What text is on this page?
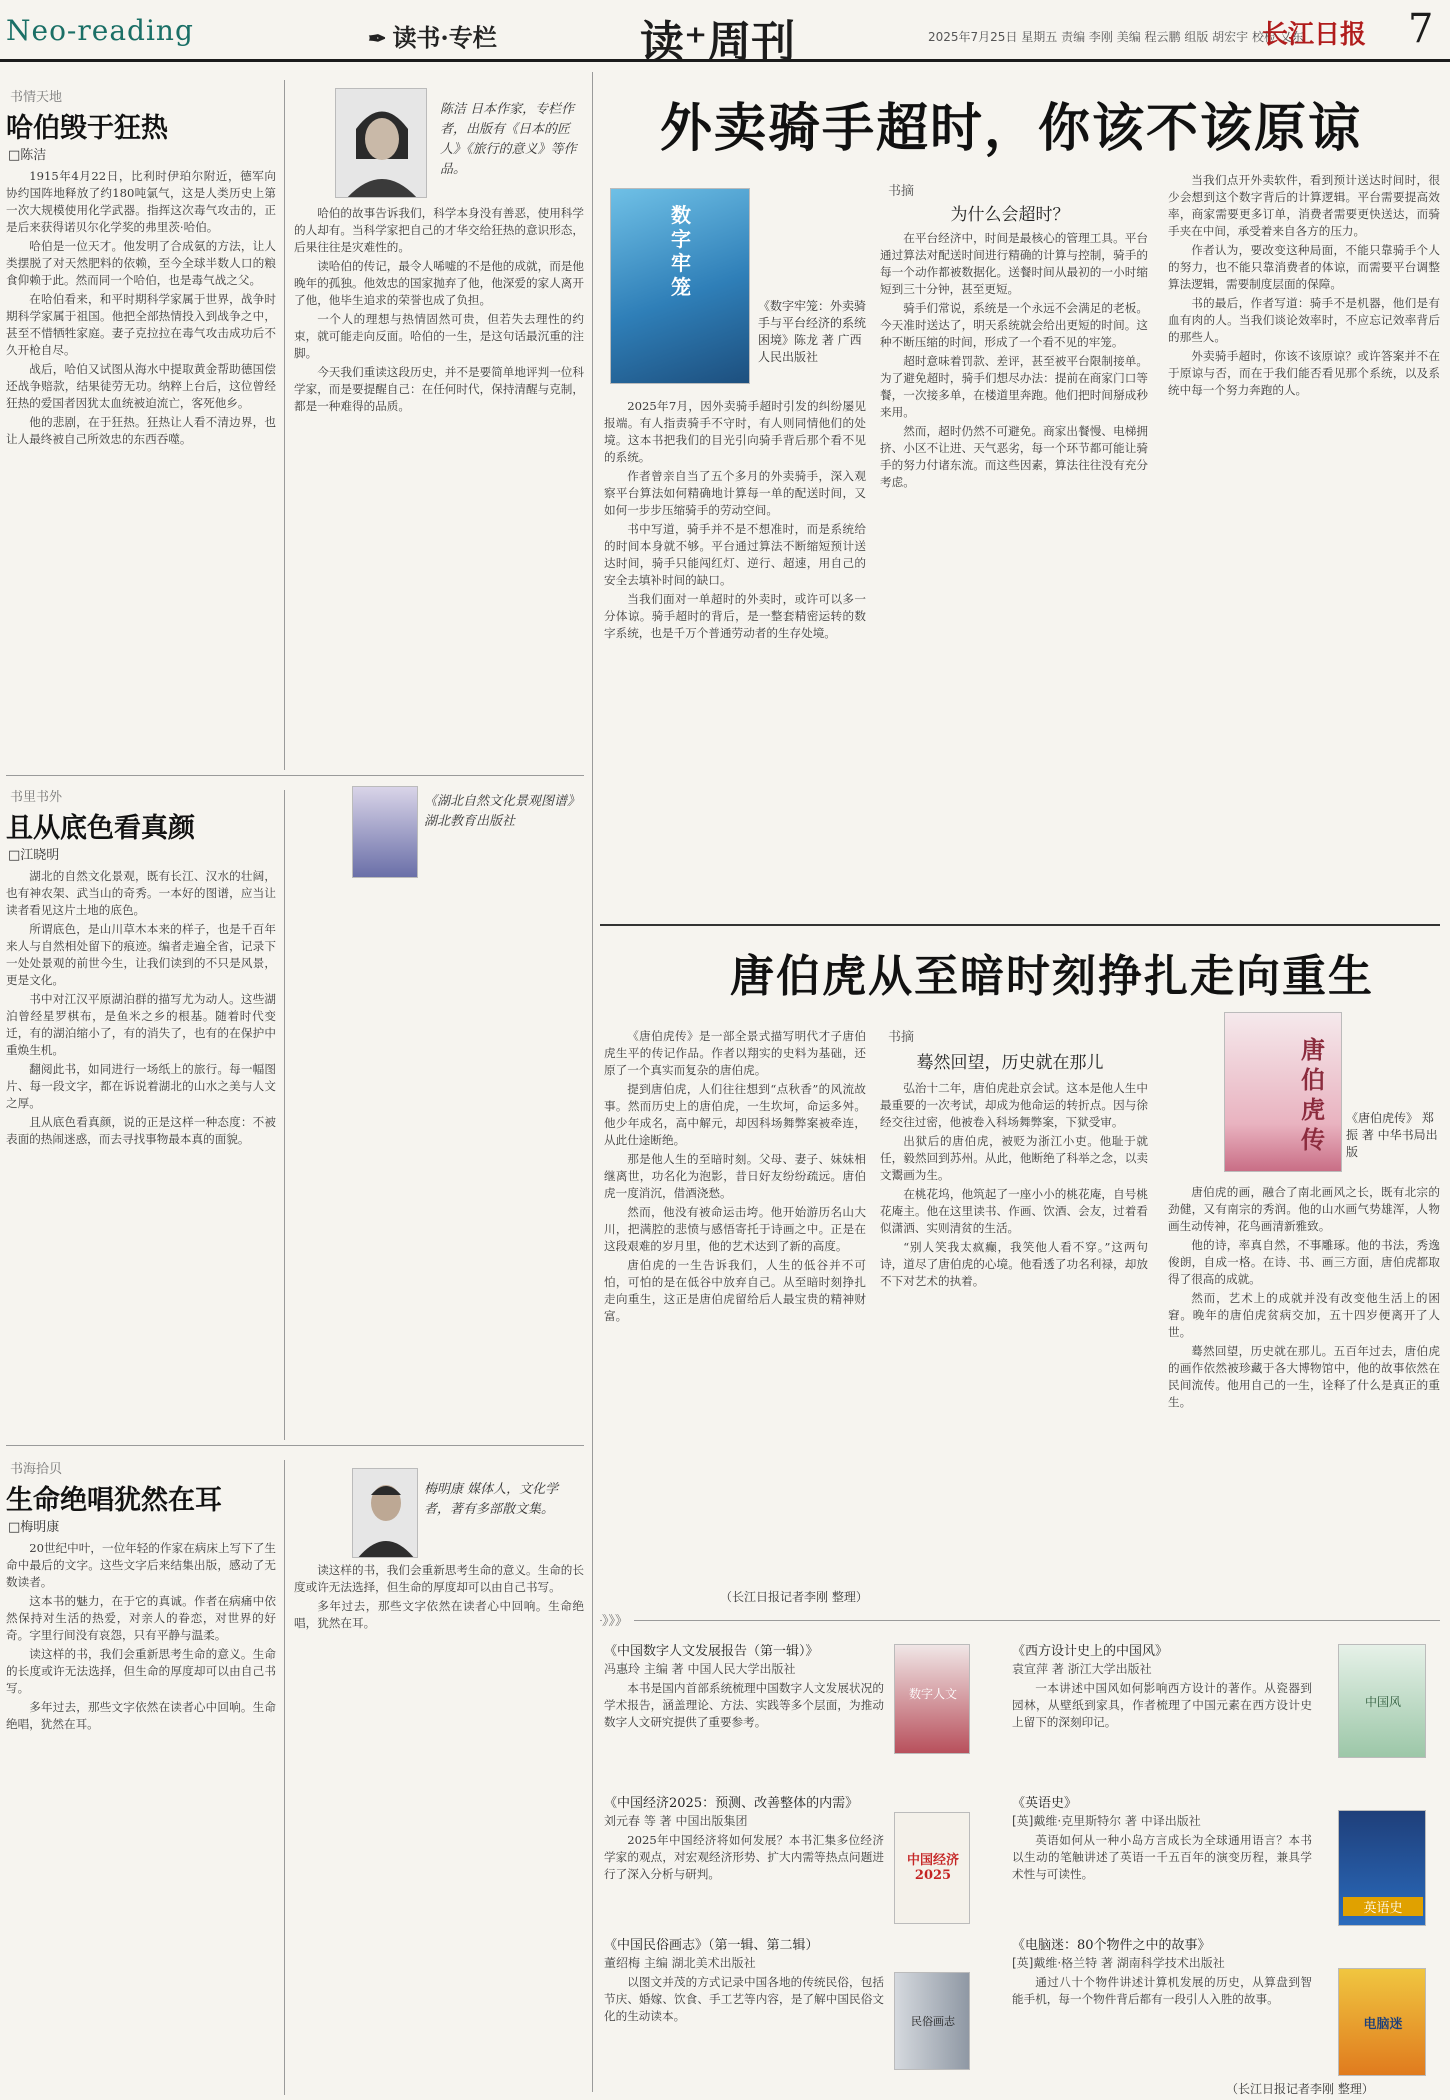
Neo-reading	✒ 读书·专栏	读⁺周刊	2025年7月25日 星期五 责编 李刚 美编 程云鹏 组版 胡宏宇 校检 义东
长江日报 7
书情天地
哈伯毁于狂热
□陈洁

1915年4月22日，比利时伊珀尔附近，德军向协约国阵地释放了约180吨氯气，这是人类历史上第一次大规模使用化学武器。指挥这次毒气攻击的，正是后来获得诺贝尔化学奖的弗里茨·哈伯。

哈伯是一位天才。他发明了合成氨的方法，让人类摆脱了对天然肥料的依赖，至今全球半数人口的粮食仰赖于此。然而同一个哈伯，也是毒气战之父。

在哈伯看来，和平时期科学家属于世界，战争时期科学家属于祖国。他把全部热情投入到战争之中，甚至不惜牺牲家庭。妻子克拉拉在毒气攻击成功后不久开枪自尽。

战后，哈伯又试图从海水中提取黄金帮助德国偿还战争赔款，结果徒劳无功。纳粹上台后，这位曾经狂热的爱国者因犹太血统被迫流亡，客死他乡。

他的悲剧，在于狂热。狂热让人看不清边界，也让人最终被自己所效忠的东西吞噬。

陈洁 日本作家，专栏作者，出版有《日本的匠人》《旅行的意义》等作品。

哈伯的故事告诉我们，科学本身没有善恶，使用科学的人却有。当科学家把自己的才华交给狂热的意识形态，后果往往是灾难性的。

读哈伯的传记，最令人唏嘘的不是他的成就，而是他晚年的孤独。他效忠的国家抛弃了他，他深爱的家人离开了他，他毕生追求的荣誉也成了负担。

一个人的理想与热情固然可贵，但若失去理性的约束，就可能走向反面。哈伯的一生，是这句话最沉重的注脚。

今天我们重读这段历史，并不是要简单地评判一位科学家，而是要提醒自己：在任何时代，保持清醒与克制，都是一种难得的品质。

书里书外
且从底色看真颜
□江晓明

湖北的自然文化景观，既有长江、汉水的壮阔，也有神农架、武当山的奇秀。一本好的图谱，应当让读者看见这片土地的底色。

所谓底色，是山川草木本来的样子，也是千百年来人与自然相处留下的痕迹。编者走遍全省，记录下一处处景观的前世今生，让我们读到的不只是风景，更是文化。

书中对江汉平原湖泊群的描写尤为动人。这些湖泊曾经星罗棋布，是鱼米之乡的根基。随着时代变迁，有的湖泊缩小了，有的消失了，也有的在保护中重焕生机。

翻阅此书，如同进行一场纸上的旅行。每一幅图片、每一段文字，都在诉说着湖北的山水之美与人文之厚。

且从底色看真颜，说的正是这样一种态度：不被表面的热闹迷惑，而去寻找事物最本真的面貌。

《湖北自然文化景观图谱》湖北教育出版社
书海拾贝
生命绝唱犹然在耳
□梅明康

20世纪中叶，一位年轻的作家在病床上写下了生命中最后的文字。这些文字后来结集出版，感动了无数读者。

这本书的魅力，在于它的真诚。作者在病痛中依然保持对生活的热爱，对亲人的眷恋，对世界的好奇。字里行间没有哀怨，只有平静与温柔。

读这样的书，我们会重新思考生命的意义。生命的长度或许无法选择，但生命的厚度却可以由自己书写。

多年过去，那些文字依然在读者心中回响。生命绝唱，犹然在耳。

梅明康 媒体人，文化学者，著有多部散文集。

读这样的书，我们会重新思考生命的意义。生命的长度或许无法选择，但生命的厚度却可以由自己书写。

多年过去，那些文字依然在读者心中回响。生命绝唱，犹然在耳。

外卖骑手超时，你该不该原谅
数字牢笼
《数字牢笼：外卖骑手与平台经济的系统困境》陈龙 著 广西人民出版社

2025年7月，因外卖骑手超时引发的纠纷屡见报端。有人指责骑手不守时，有人则同情他们的处境。这本书把我们的目光引向骑手背后那个看不见的系统。

作者曾亲自当了五个多月的外卖骑手，深入观察平台算法如何精确地计算每一单的配送时间，又如何一步步压缩骑手的劳动空间。

书中写道，骑手并不是不想准时，而是系统给的时间本身就不够。平台通过算法不断缩短预计送达时间，骑手只能闯红灯、逆行、超速，用自己的安全去填补时间的缺口。

当我们面对一单超时的外卖时，或许可以多一分体谅。骑手超时的背后，是一整套精密运转的数字系统，也是千万个普通劳动者的生存处境。

书摘
为什么会超时？

在平台经济中，时间是最核心的管理工具。平台通过算法对配送时间进行精确的计算与控制，骑手的每一个动作都被数据化。送餐时间从最初的一小时缩短到三十分钟，甚至更短。

骑手们常说，系统是一个永远不会满足的老板。今天准时送达了，明天系统就会给出更短的时间。这种不断压缩的时间，形成了一个看不见的牢笼。

超时意味着罚款、差评，甚至被平台限制接单。为了避免超时，骑手们想尽办法：提前在商家门口等餐，一次接多单，在楼道里奔跑。他们把时间掰成秒来用。

然而，超时仍然不可避免。商家出餐慢、电梯拥挤、小区不让进、天气恶劣，每一个环节都可能让骑手的努力付诸东流。而这些因素，算法往往没有充分考虑。

当我们点开外卖软件，看到预计送达时间时，很少会想到这个数字背后的计算逻辑。平台需要提高效率，商家需要更多订单，消费者需要更快送达，而骑手夹在中间，承受着来自各方的压力。

作者认为，要改变这种局面，不能只靠骑手个人的努力，也不能只靠消费者的体谅，而需要平台调整算法逻辑，需要制度层面的保障。

书的最后，作者写道：骑手不是机器，他们是有血有肉的人。当我们谈论效率时，不应忘记效率背后的那些人。

外卖骑手超时，你该不该原谅？或许答案并不在于原谅与否，而在于我们能否看见那个系统，以及系统中每一个努力奔跑的人。

唐伯虎从至暗时刻挣扎走向重生

《唐伯虎传》是一部全景式描写明代才子唐伯虎生平的传记作品。作者以翔实的史料为基础，还原了一个真实而复杂的唐伯虎。

提到唐伯虎，人们往往想到“点秋香”的风流故事。然而历史上的唐伯虎，一生坎坷，命运多舛。他少年成名，高中解元，却因科场舞弊案被牵连，从此仕途断绝。

那是他人生的至暗时刻。父母、妻子、妹妹相继离世，功名化为泡影，昔日好友纷纷疏远。唐伯虎一度消沉，借酒浇愁。

然而，他没有被命运击垮。他开始游历名山大川，把满腔的悲愤与感悟寄托于诗画之中。正是在这段艰难的岁月里，他的艺术达到了新的高度。

唐伯虎的一生告诉我们，人生的低谷并不可怕，可怕的是在低谷中放弃自己。从至暗时刻挣扎走向重生，这正是唐伯虎留给后人最宝贵的精神财富。

（长江日报记者李刚 整理）
书摘
蓦然回望，历史就在那儿

弘治十二年，唐伯虎赴京会试。这本是他人生中最重要的一次考试，却成为他命运的转折点。因与徐经交往过密，他被卷入科场舞弊案，下狱受审。

出狱后的唐伯虎，被贬为浙江小吏。他耻于就任，毅然回到苏州。从此，他断绝了科举之念，以卖文鬻画为生。

在桃花坞，他筑起了一座小小的桃花庵，自号桃花庵主。他在这里读书、作画、饮酒、会友，过着看似潇洒、实则清贫的生活。

“别人笑我太疯癫，我笑他人看不穿。”这两句诗，道尽了唐伯虎的心境。他看透了功名利禄，却放不下对艺术的执着。

唐伯虎传
《唐伯虎传》 郑振 著 中华书局出版

唐伯虎的画，融合了南北画风之长，既有北宗的劲健，又有南宗的秀润。他的山水画气势雄浑，人物画生动传神，花鸟画清新雅致。

他的诗，率真自然，不事雕琢。他的书法，秀逸俊朗，自成一格。在诗、书、画三方面，唐伯虎都取得了很高的成就。

然而，艺术上的成就并没有改变他生活上的困窘。晚年的唐伯虎贫病交加，五十四岁便离开了人世。

蓦然回望，历史就在那儿。五百年过去，唐伯虎的画作依然被珍藏于各大博物馆中，他的故事依然在民间流传。他用自己的一生，诠释了什么是真正的重生。

》》》
《中国数字人文发展报告（第一辑）》
冯惠玲 主编 著 中国人民大学出版社

本书是国内首部系统梳理中国数字人文发展状况的学术报告，涵盖理论、方法、实践等多个层面，为推动数字人文研究提供了重要参考。

数字人文
《西方设计史上的中国风》
袁宣萍 著 浙江大学出版社

一本讲述中国风如何影响西方设计的著作。从瓷器到园林，从壁纸到家具，作者梳理了中国元素在西方设计史上留下的深刻印记。

中国风
《中国经济2025：预测、改善整体的内需》
刘元春 等 著 中国出版集团

2025年中国经济将如何发展？本书汇集多位经济学家的观点，对宏观经济形势、扩大内需等热点问题进行了深入分析与研判。

中国经济2025
《英语史》
[英]戴维·克里斯特尔 著 中译出版社

英语如何从一种小岛方言成长为全球通用语言？本书以生动的笔触讲述了英语一千五百年的演变历程，兼具学术性与可读性。

英语史
《中国民俗画志》（第一辑、第二辑）
董绍梅 主编 湖北美术出版社

以图文并茂的方式记录中国各地的传统民俗，包括节庆、婚嫁、饮食、手工艺等内容，是了解中国民俗文化的生动读本。	民俗画志
《电脑迷：80个物件之中的故事》
[英]戴维·格兰特 著 湖南科学技术出版社

通过八十个物件讲述计算机发展的历史，从算盘到智能手机，每一个物件背后都有一段引人入胜的故事。

电脑迷
（长江日报记者李刚 整理）
